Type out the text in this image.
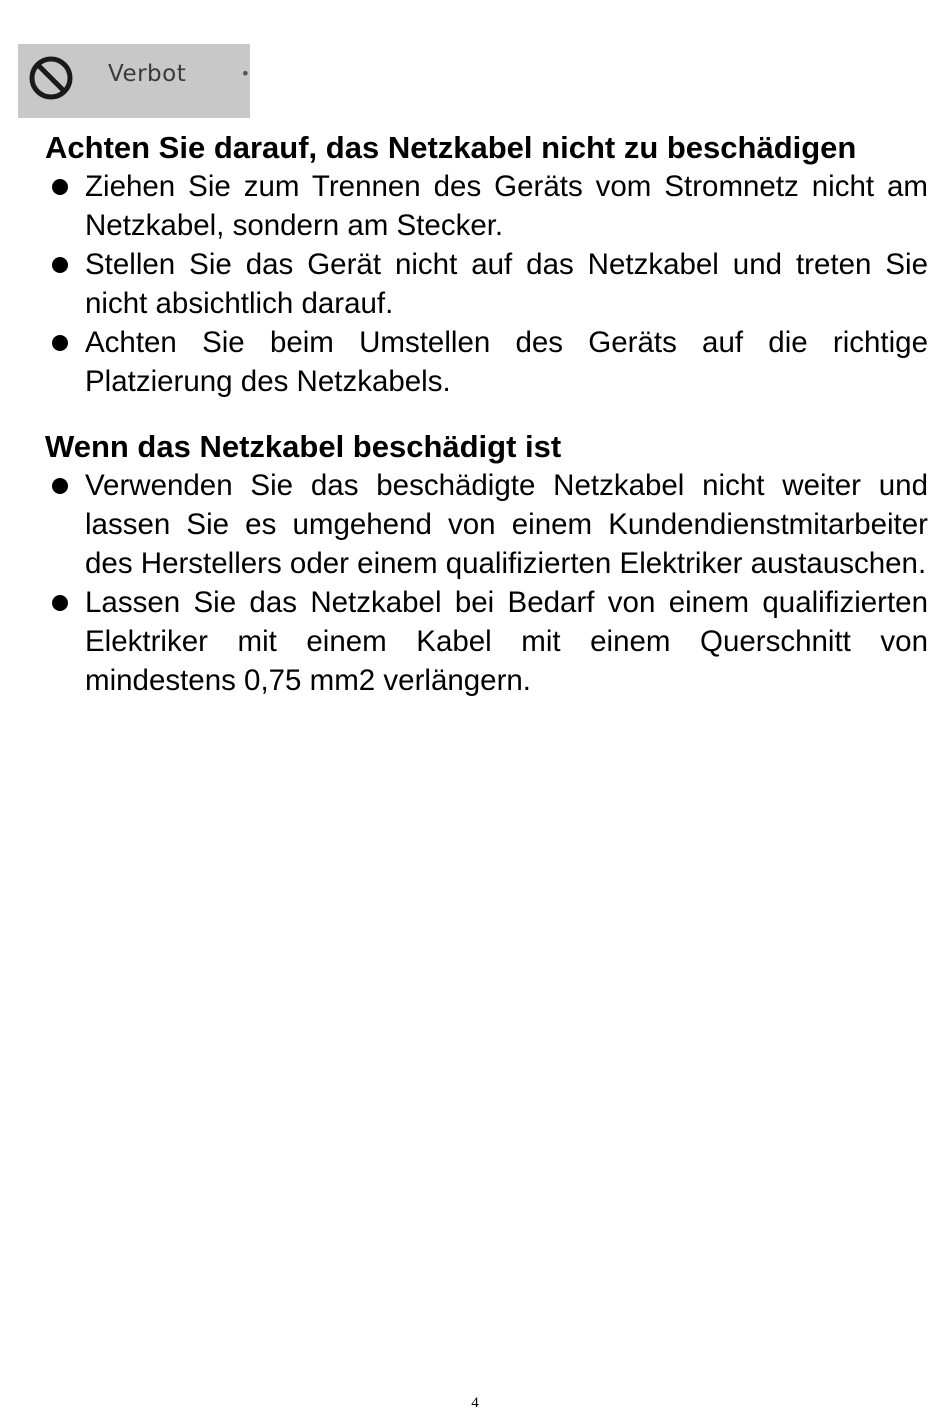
Verbot	•
Achten Sie darauf, das Netzkabel nicht zu beschädigen
Ziehen Sie zum Trennen des Geräts vom Stromnetz nicht am Netzkabel, sondern am Stecker.
Stellen Sie das Gerät nicht auf das Netzkabel und treten Sie nicht absichtlich darauf.
Achten Sie beim Umstellen des Geräts auf die richtige Platzierung des Netzkabels.
Wenn das Netzkabel beschädigt ist
Verwenden Sie das beschädigte Netzkabel nicht weiter und lassen Sie es umgehend von einem Kundendienstmitarbeiter des Herstellers oder einem qualifizierten Elektriker austauschen.
Lassen Sie das Netzkabel bei Bedarf von einem qualifizierten Elektriker mit einem Kabel mit einem Querschnitt von mindestens 0,75 mm2 verlängern.
4
